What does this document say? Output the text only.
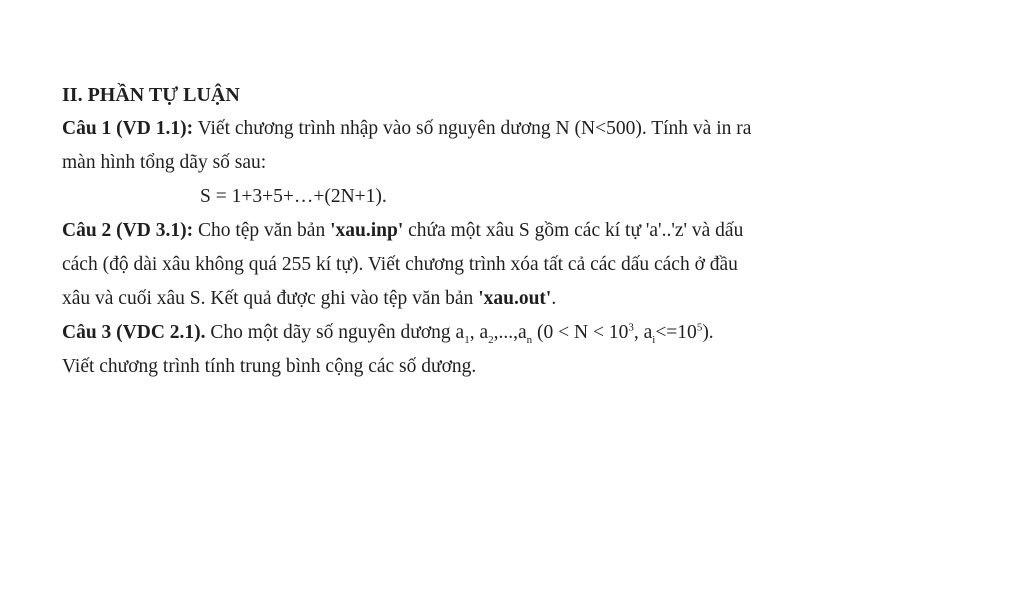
II. PHẦN TỰ LUẬN

Câu 1 (VD 1.1): Viết chương trình nhập vào số nguyên dương N (N<500). Tính và in ra

màn hình tổng dãy số sau:

S = 1+3+5+…+(2N+1).

Câu 2 (VD 3.1): Cho tệp văn bản 'xau.inp' chứa một xâu S gồm các kí tự 'a'..'z' và dấu

cách (độ dài xâu không quá 255 kí tự). Viết chương trình xóa tất cả các dấu cách ở đầu

xâu và cuối xâu S. Kết quả được ghi vào tệp văn bản 'xau.out'.

Câu 3 (VDC 2.1). Cho một dãy số nguyên dương $a_1$, $a_2,...,a_n$ ($0 < N < 10^3$, $a_i<=10^5$).

Viết chương trình tính trung bình cộng các số dương.
